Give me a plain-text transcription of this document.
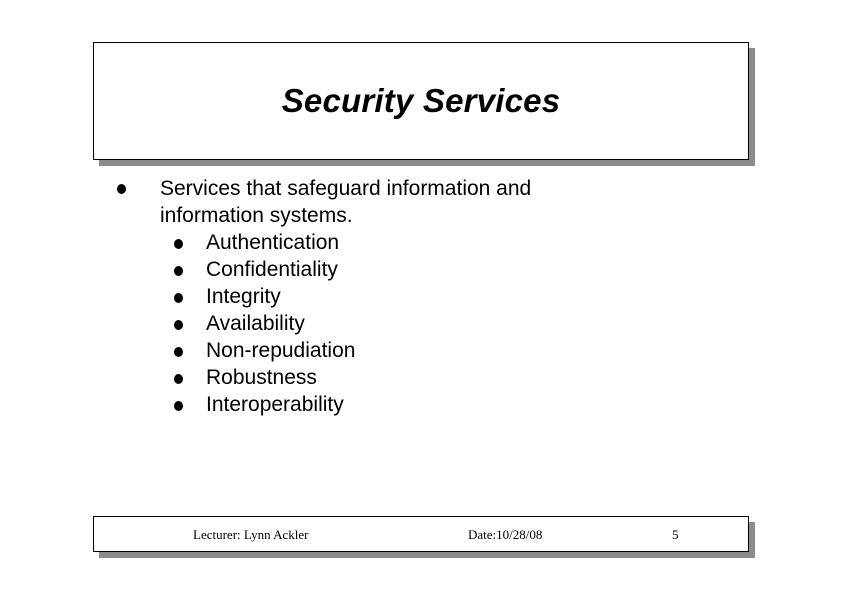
Security Services
Services that safeguard information and
information systems.
Authentication
Confidentiality
Integrity
Availability
Non-repudiation
Robustness
Interoperability
Lecturer: Lynn Ackler	Date:10/28/08	5
